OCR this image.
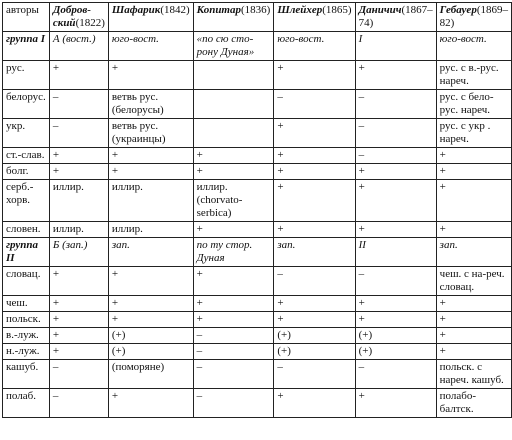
авторы	Добров-ский(1822)	Шафарик(1842)	Копитар(1836)	Шлейхер(1865)	Даничич(1867–74)	Гебауер(1869–82)
группа I	А (вост.)	юго-вост.	«по сю сто-рону Дуная»	юго-вост.	I	юго-вост.
рус.	+	+		+	+	рус. с в.-рус. нареч.
белорус.	–	ветвь рус. (белорусы)		–	–	рус. с бело-рус. нареч.
укр.	–	ветвь рус. (украинцы)		+	–	рус. с укр . нареч.
ст.-слав.	+	+	+	+	–	+
болг.	+	+	+	+	+	+
серб.-хорв.	иллир.	иллир.	иллир. (chorvato-serbica)	+	+	+
словен.	иллир.	иллир.	+	+	+	+
группа II	Б (зап.)	зап.	по ту стор. Дуная	зап.	II	зап.
словац.	+	+	+	–	–	чеш. с на-реч. словац.
чеш.	+	+	+	+	+	+
польск.	+	+	+	+	+	+
в.-луж.	+	(+)	–	(+)	(+)	+
н.-луж.	+	(+)	–	(+)	(+)	+
кашуб.	–	(поморяне)	–	–	–	польск. с нареч. кашуб.
полаб.	–	+	–	+	+	полабо-балтск.
